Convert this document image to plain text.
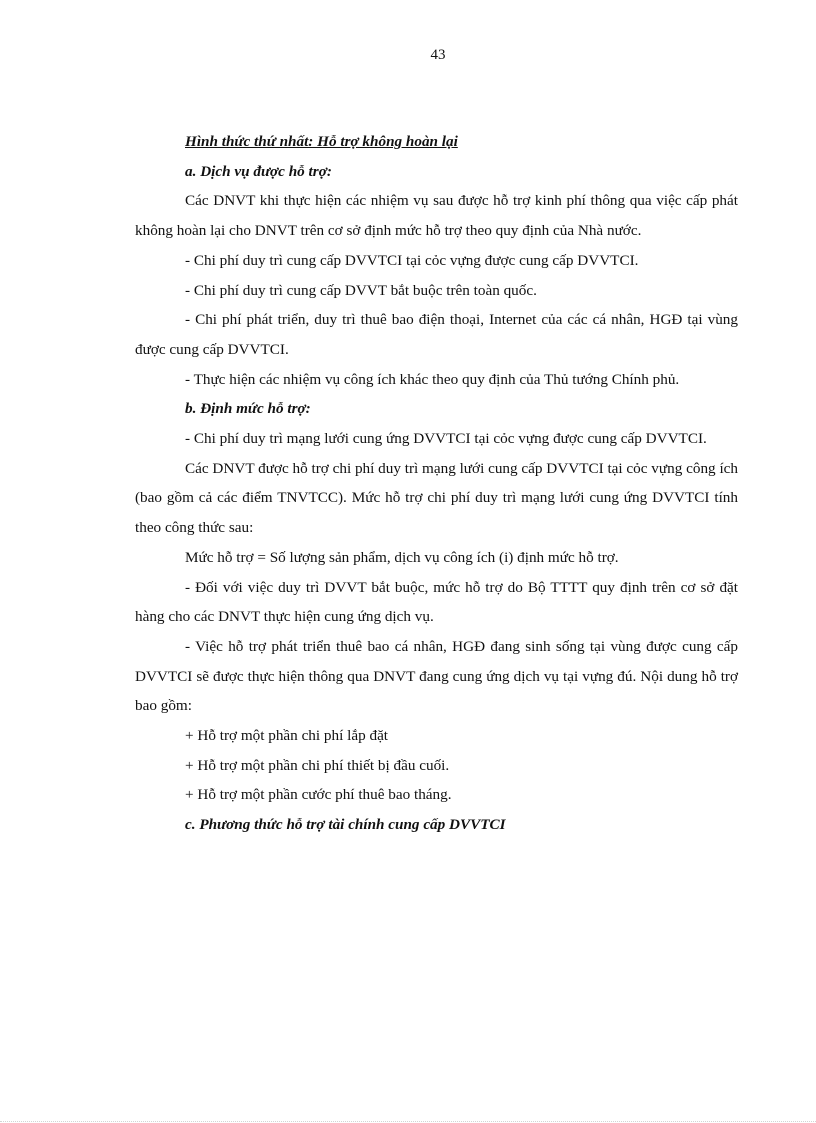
43

Hình thức thứ nhất: Hỗ trợ không hoàn lại

a. Dịch vụ được hỗ trợ:

Các DNVT khi thực hiện các nhiệm vụ sau được hỗ trợ kinh phí thông qua việc cấp phát không hoàn lại cho DNVT trên cơ sở định mức hỗ trợ theo quy định của Nhà nước.

- Chi phí duy trì cung cấp DVVTCI tại cỏc vựng được cung cấp DVVTCI.

- Chi phí duy trì cung cấp DVVT bắt buộc trên toàn quốc.

- Chi phí phát triển, duy trì thuê bao điện thoại, Internet của các cá nhân, HGĐ tại vùng được cung cấp DVVTCI.

- Thực hiện các nhiệm vụ công ích khác theo quy định của Thủ tướng Chính phủ.

b. Định mức hỗ trợ:

- Chi phí duy trì mạng lưới cung ứng DVVTCI tại cỏc vựng được cung cấp DVVTCI.

Các DNVT được hỗ trợ chi phí duy trì mạng lưới cung cấp DVVTCI tại cỏc vựng công ích (bao gồm cả các điểm TNVTCC). Mức hỗ trợ chi phí duy trì mạng lưới cung ứng DVVTCI tính theo công thức sau:

Mức hỗ trợ = Số lượng sản phẩm, dịch vụ công ích (i) định mức hỗ trợ.

- Đối với việc duy trì DVVT bắt buộc, mức hỗ trợ do Bộ TTTT quy định trên cơ sở đặt hàng cho các DNVT thực hiện cung ứng dịch vụ.

- Việc hỗ trợ phát triển thuê bao cá nhân, HGĐ đang sinh sống tại vùng được cung cấp DVVTCI sẽ được thực hiện thông qua DNVT đang cung ứng dịch vụ tại vựng đú. Nội dung hỗ trợ bao gồm:

+ Hỗ trợ một phần chi phí lắp đặt

+ Hỗ trợ một phần chi phí thiết bị đầu cuối.

+ Hỗ trợ một phần cước phí thuê bao tháng.

c. Phương thức hỗ trợ tài chính cung cấp DVVTCI
